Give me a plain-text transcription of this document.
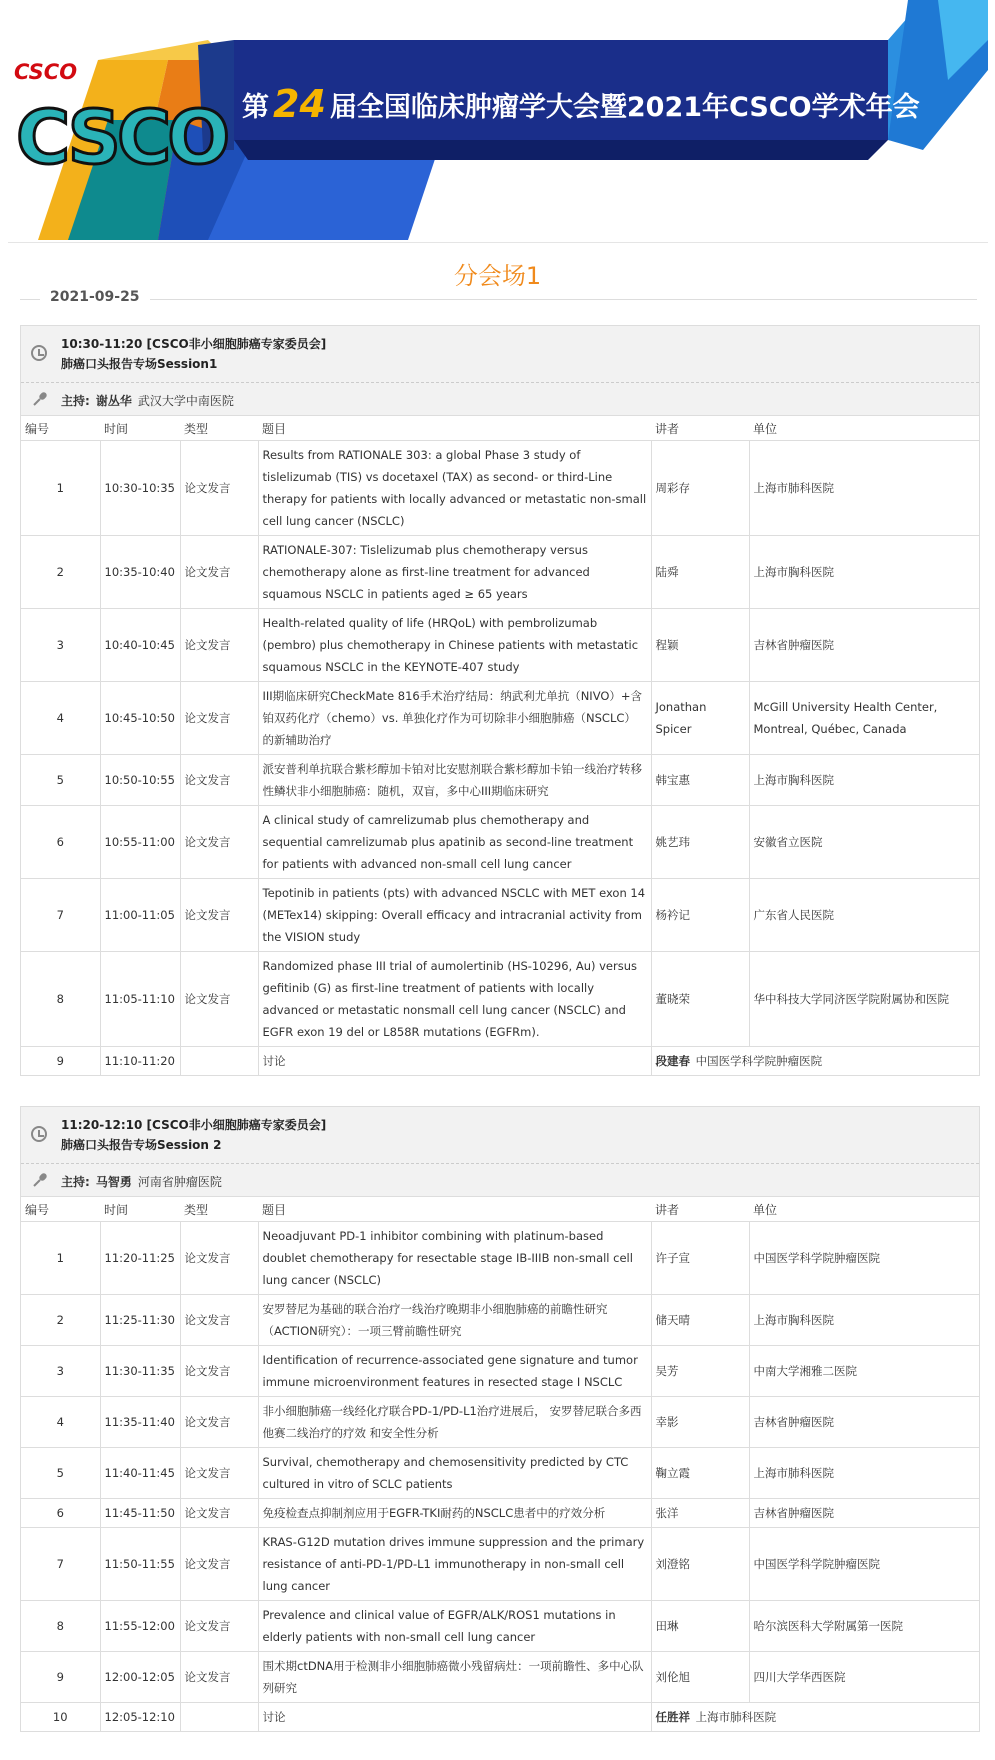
CSCO
CSCO 第 24 届全国临床肿瘤学大会暨2021年CSCO学术年会
分会场1
2021-09-25
10:30-11:20 [CSCO非小细胞肺癌专家委员会]
肺癌口头报告专场Session1
主持: 谢丛华 武汉大学中南医院
编号	时间	类型	题目	讲者	单位
1	10:30-10:35	论文发言	Results from RATIONALE 303: a global Phase 3 study of tislelizumab (TIS) vs docetaxel (TAX) as second- or third-Line therapy for patients with locally advanced or metastatic non-small cell lung cancer (NSCLC)	周彩存	上海市肺科医院
2	10:35-10:40	论文发言	RATIONALE-307: Tislelizumab plus chemotherapy versus chemotherapy alone as first-line treatment for advanced squamous NSCLC in patients aged ≥ 65 years	陆舜	上海市胸科医院
3	10:40-10:45	论文发言	Health-related quality of life (HRQoL) with pembrolizumab (pembro) plus chemotherapy in Chinese patients with metastatic squamous NSCLC in the KEYNOTE-407 study	程颖	吉林省肿瘤医院
4	10:45-10:50	论文发言	III期临床研究CheckMate 816手术治疗结局：纳武利尤单抗（NIVO）+含铂双药化疗（chemo）vs. 单独化疗作为可切除非小细胞肺癌（NSCLC）的新辅助治疗	Jonathan Spicer	McGill University Health Center, Montreal, Québec, Canada
5	10:50-10:55	论文发言	派安普利单抗联合紫杉醇加卡铂对比安慰剂联合紫杉醇加卡铂一线治疗转移性鳞状非小细胞肺癌：随机，双盲，多中心III期临床研究	韩宝惠	上海市胸科医院
6	10:55-11:00	论文发言	A clinical study of camrelizumab plus chemotherapy and sequential camrelizumab plus apatinib as second-line treatment for patients with advanced non-small cell lung cancer	姚艺玮	安徽省立医院
7	11:00-11:05	论文发言	Tepotinib in patients (pts) with advanced NSCLC with MET exon 14 (METex14) skipping: Overall efficacy and intracranial activity from the VISION study	杨衿记	广东省人民医院
8	11:05-11:10	论文发言	Randomized phase III trial of aumolertinib (HS-10296, Au) versus gefitinib (G) as first-line treatment of patients with locally advanced or metastatic nonsmall cell lung cancer (NSCLC) and EGFR exon 19 del or L858R mutations (EGFRm).	董晓荣	华中科技大学同济医学院附属协和医院
9	11:10-11:20		讨论	段建春 中国医学科学院肿瘤医院	
11:20-12:10 [CSCO非小细胞肺癌专家委员会]
肺癌口头报告专场Session 2
主持: 马智勇 河南省肿瘤医院
编号	时间	类型	题目	讲者	单位
1	11:20-11:25	论文发言	Neoadjuvant PD-1 inhibitor combining with platinum-based doublet chemotherapy for resectable stage IB-IIIB non-small cell lung cancer (NSCLC)	许子宣	中国医学科学院肿瘤医院
2	11:25-11:30	论文发言	安罗替尼为基础的联合治疗一线治疗晚期非小细胞肺癌的前瞻性研究（ACTION研究）：一项三臂前瞻性研究	储天晴	上海市胸科医院
3	11:30-11:35	论文发言	Identification of recurrence-associated gene signature and tumor immune microenvironment features in resected stage I NSCLC	吴芳	中南大学湘雅二医院
4	11:35-11:40	论文发言	非小细胞肺癌一线经化疗联合PD-1/PD-L1治疗进展后， 安罗替尼联合多西他赛二线治疗的疗效 和安全性分析	幸影	吉林省肿瘤医院
5	11:40-11:45	论文发言	Survival, chemotherapy and chemosensitivity predicted by CTC cultured in vitro of SCLC patients	鞠立霞	上海市肺科医院
6	11:45-11:50	论文发言	免疫检查点抑制剂应用于EGFR-TKI耐药的NSCLC患者中的疗效分析	张洋	吉林省肿瘤医院
7	11:50-11:55	论文发言	KRAS-G12D mutation drives immune suppression and the primary resistance of anti-PD-1/PD-L1 immunotherapy in non-small cell lung cancer	刘澄铭	中国医学科学院肿瘤医院
8	11:55-12:00	论文发言	Prevalence and clinical value of EGFR/ALK/ROS1 mutations in elderly patients with non-small cell lung cancer	田琳	哈尔滨医科大学附属第一医院
9	12:00-12:05	论文发言	围术期ctDNA用于检测非小细胞肺癌微小残留病灶：一项前瞻性、多中心队列研究	刘伦旭	四川大学华西医院
10	12:05-12:10		讨论	任胜祥 上海市肺科医院	
